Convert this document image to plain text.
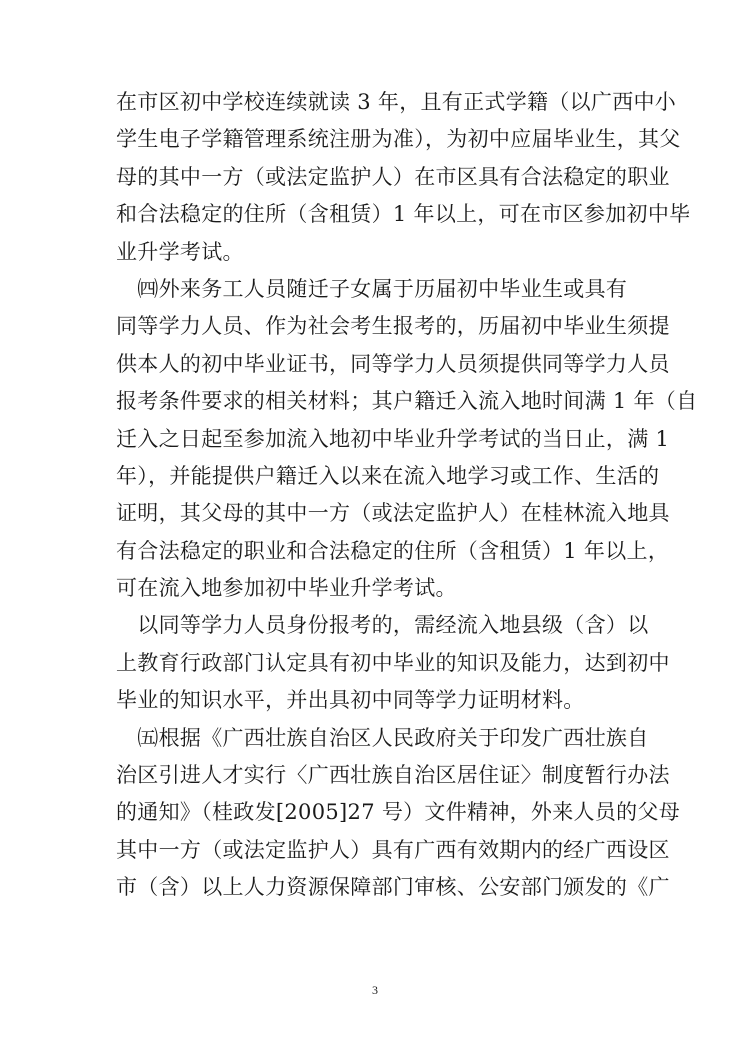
在市区初中学校连续就读 3 年，且有正式学籍（以广西中小
学生电子学籍管理系统注册为准），为初中应届毕业生，其父
母的其中一方（或法定监护人）在市区具有合法稳定的职业
和合法稳定的住所（含租赁）1 年以上，可在市区参加初中毕
业升学考试。
　㈣外来务工人员随迁子女属于历届初中毕业生或具有
同等学力人员、作为社会考生报考的，历届初中毕业生须提
供本人的初中毕业证书，同等学力人员须提供同等学力人员
报考条件要求的相关材料；其户籍迁入流入地时间满 1 年（自
迁入之日起至参加流入地初中毕业升学考试的当日止，满 1
年），并能提供户籍迁入以来在流入地学习或工作、生活的
证明，其父母的其中一方（或法定监护人）在桂林流入地具
有合法稳定的职业和合法稳定的住所（含租赁）1 年以上，
可在流入地参加初中毕业升学考试。
　以同等学力人员身份报考的，需经流入地县级（含）以
上教育行政部门认定具有初中毕业的知识及能力，达到初中
毕业的知识水平，并出具初中同等学力证明材料。
　㈤根据《广西壮族自治区人民政府关于印发广西壮族自
治区引进人才实行〈广西壮族自治区居住证〉制度暂行办法
的通知》（桂政发[2005]27 号）文件精神，外来人员的父母
其中一方（或法定监护人）具有广西有效期内的经广西设区
市（含）以上人力资源保障部门审核、公安部门颁发的《广
3
